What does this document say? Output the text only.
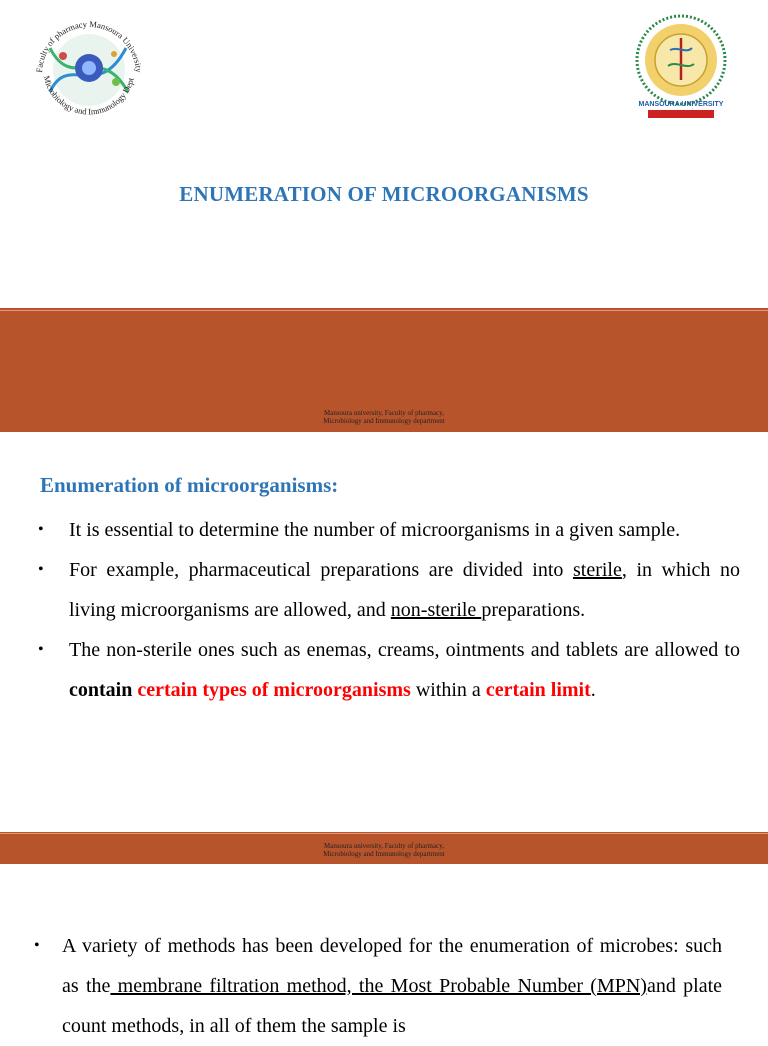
Faculty of pharmacy Mansoura University
Microbiology and Immunology Dept
MANSOURA UNIVERSITY
ENUMERATION OF MICROORGANISMS
Mansoura university, Faculty of pharmacy,
Microbiology and Immunology department
Enumeration of microorganisms:
• It is essential to determine the number of microorganisms in a given sample.
• For example, pharmaceutical preparations are divided into sterile, in which no living microorganisms are allowed, and non-sterile preparations.
• The non-sterile ones such as enemas, creams, ointments and tablets are allowed to contain certain types of microorganisms within a certain limit.
Mansoura university, Faculty of pharmacy,
Microbiology and Immunology department
• A variety of methods has been developed for the enumeration of microbes: such as the membrane filtration method, the Most Probable Number (MPN)and plate count methods, in all of them the sample is
